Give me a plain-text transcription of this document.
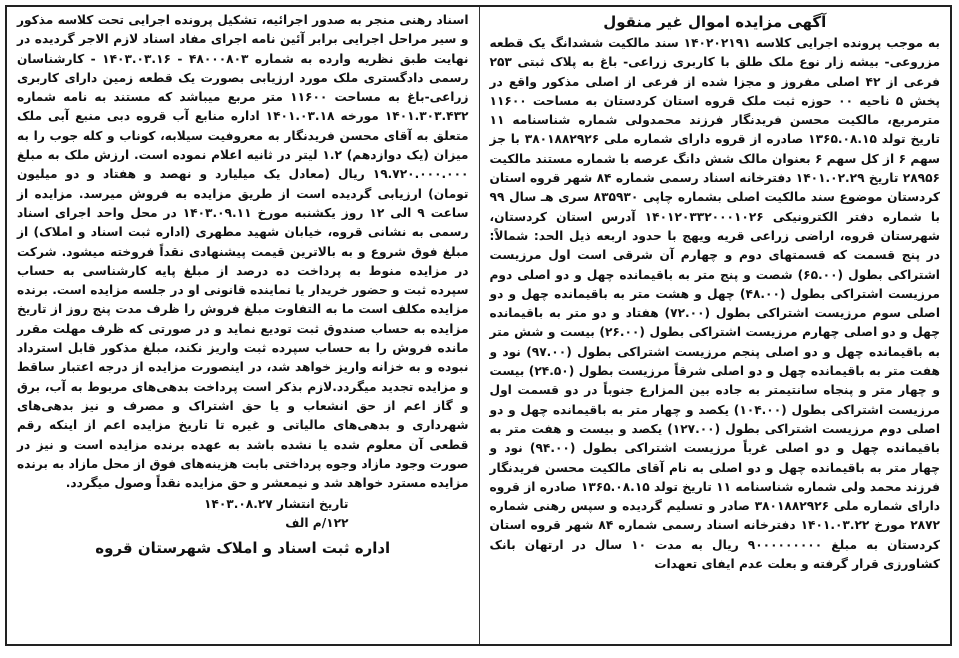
آگهی مزایده اموال غیر منقول

به موجب پرونده اجرایی کلاسه ۱۴۰۲۰۲۱۹۱ سند مالکیت ششدانگ یک قطعه مزروعی- بیشه زار نوع ملک طلق با کاربری زراعی- باغ به پلاک ثبتی ۲۵۳ فرعی از ۴۲ اصلی مفروز و مجزا شده از فرعی از اصلی مذکور واقع در پخش ۵ ناحیه ۰۰ حوزه ثبت ملک قروه استان کردستان به مساحت ۱۱۶۰۰ مترمربع، مالکیت محسن فریدنگار فرزند محمدولی شماره شناسنامه ۱۱ تاریخ تولد ۱۳۶۵.۰۸.۱۵ صادره از قروه دارای شماره ملی ۳۸۰۱۸۸۲۹۲۶ با جز سهم ۶ از کل سهم ۶ بعنوان مالک شش دانگ عرصه با شماره مستند مالکیت ۲۸۹۵۶ تاریخ ۱۴۰۱.۰۲.۲۹ دفترخانه اسناد رسمی شماره ۸۴ شهر قروه استان کردستان موضوع سند مالکیت اصلی بشماره چاپی ۸۳۵۹۳۰ سری هـ سال ۹۹ با شماره دفتر الکترونیکی ۱۴۰۱۲۰۳۳۲۰۰۰۱۰۲۶ آدرس استان کردستان، شهرستان قروه، اراضی زراعی قریه ویهج با حدود اربعه ذیل الحد: شمالاً: در پنج قسمت که قسمتهای دوم و چهارم آن شرقی است اول مرزیست اشتراکی بطول (۶۵.۰۰) شصت و پنج متر به باقیمانده چهل و دو اصلی دوم مرزیست اشتراکی بطول (۴۸.۰۰) چهل و هشت متر به باقیمانده چهل و دو اصلی سوم مرزیست اشتراکی بطول (۷۲.۰۰) هفتاد و دو متر به باقیمانده چهل و دو اصلی چهارم مرزیست اشتراکی بطول (۲۶.۰۰) بیست و شش متر به باقیمانده چهل و دو اصلی پنجم مرزیست اشتراکی بطول (۹۷.۰۰) نود و هفت متر به باقیمانده چهل و دو اصلی شرقاً مرزیست بطول (۲۴.۵۰) بیست و چهار متر و پنجاه سانتیمتر به جاده بین المزارع جنوباً در دو قسمت اول مرزیست اشتراکی بطول (۱۰۴.۰۰) یکصد و چهار متر به باقیمانده چهل و دو اصلی دوم مرزیست اشتراکی بطول (۱۲۷.۰۰) یکصد و بیست و هفت متر به باقیمانده چهل و دو اصلی غرباً مرزیست اشتراکی بطول (۹۴.۰۰) نود و چهار متر به باقیمانده چهل و دو اصلی به نام آقای مالکیت محسن فریدنگار فرزند محمد ولی شماره شناسنامه ۱۱ تاریخ تولد ۱۳۶۵.۰۸.۱۵ صادره از قروه دارای شماره ملی ۳۸۰۱۸۸۲۹۲۶ صادر و تسلیم گردیده و سپس رهنی شماره ۲۸۷۲ مورخ ۱۴۰۱.۰۳.۲۲ دفترخانه اسناد رسمی شماره ۸۴ شهر قروه استان کردستان به مبلغ ۹۰۰۰۰۰۰۰۰۰ ریال به مدت ۱۰ سال در ارتهان بانک کشاورزی قرار گرفته و بعلت عدم ایفای تعهدات

اسناد رهنی منجر به صدور اجرائیه، تشکیل پرونده اجرایی تحت کلاسه مذکور و سیر مراحل اجرایی برابر آئین نامه اجرای مفاد اسناد لازم الاجر گردیده در نهایت طبق نظریه وارده به شماره ۴۸۰۰۰۸۰۳ - ۱۴۰۳.۰۳.۱۶ - کارشناسان رسمی دادگستری ملک مورد ارزیابی بصورت یک قطعه زمین دارای کاربری زراعی-باغ به مساحت ۱۱۶۰۰ متر مربع میباشد که مستند به نامه شماره ۱۴۰۱.۳۰۳.۴۳۲ مورخه ۱۴۰۱.۰۳.۱۸ اداره منابع آب قروه دبی منبع آبی ملک متعلق به آقای محسن فریدنگار به معروفیت سیلابه، کوناب و کله جوب را به میزان (یک دوازدهم) ۱.۲ لیتر در ثانیه اعلام نموده است. ارزش ملک به مبلغ ۱۹.۷۲۰.۰۰۰.۰۰۰ ریال (معادل یک میلیارد و نهصد و هفتاد و دو میلیون تومان) ارزیابی گردیده است از طریق مزایده به فروش میرسد. مزایده از ساعت ۹ الی ۱۲ روز یکشنبه مورخ ۱۴۰۳.۰۹.۱۱ در محل واحد اجرای اسناد رسمی به نشانی قروه، خیابان شهید مطهری (اداره ثبت اسناد و املاک) از مبلغ فوق شروع و به بالاترین قیمت پیشنهادی نقداً فروخته میشود. شرکت در مزایده منوط به پرداخت ده درصد از مبلغ پایه کارشناسی به حساب سپرده ثبت و حضور خریدار یا نماینده قانونی او در جلسه مزایده است. برنده مزایده مکلف است ما به التفاوت مبلغ فروش را ظرف مدت پنج روز از تاریخ مزایده به حساب صندوق ثبت تودیع نماید و در صورتی که ظرف مهلت مقرر مانده فروش را به حساب سپرده ثبت واریز نکند، مبلغ مذکور قابل استرداد نبوده و به خزانه واریز خواهد شد، در اینصورت مزایده از درجه اعتبار ساقط و مزایده تجدید میگردد.لازم بذکر است پرداخت بدهی‌های مربوط به آب، برق و گاز اعم از حق انشعاب و یا حق اشتراک و مصرف و نیز بدهی‌های شهرداری و بدهی‌های مالیاتی و غیره تا تاریخ مزایده اعم از اینکه رقم قطعی آن معلوم شده یا نشده باشد به عهده برنده مزایده است و نیز در صورت وجود مازاد وجوه پرداختی بابت هزینه‌های فوق از محل مازاد به برنده مزایده مسترد خواهد شد و نیمعشر و حق مزایده نقداً وصول میگردد.

تاریخ انتشار ۱۴۰۳.۰۸.۲۷
۱۲۲/م الف
اداره ثبت اسناد و املاک شهرستان قروه
